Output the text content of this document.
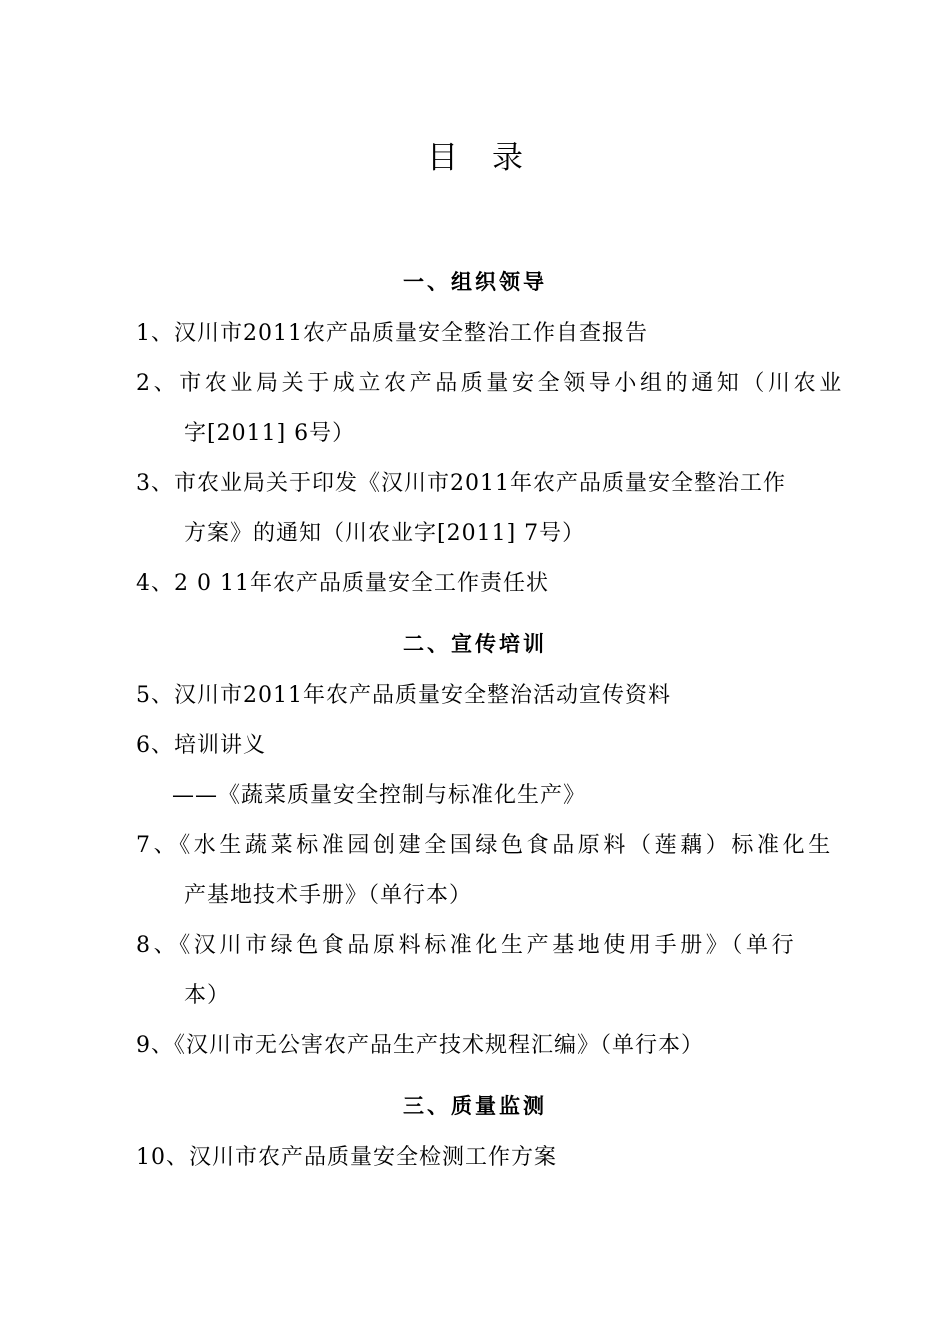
目录
一、组织领导
1、汉川市2011农产品质量安全整治工作自查报告
2、市农业局关于成立农产品质量安全领导小组的通知（川农业
字[2011] 6号）
3、市农业局关于印发《汉川市2011年农产品质量安全整治工作
方案》的通知（川农业字[2011] 7号）
4、2 0 11年农产品质量安全工作责任状
二、宣传培训
5、汉川市2011年农产品质量安全整治活动宣传资料
6、培训讲义
——《蔬菜质量安全控制与标准化生产》
7、《水生蔬菜标准园创建全国绿色食品原料（莲藕）标准化生
产基地技术手册》（单行本）
8、《汉川市绿色食品原料标准化生产基地使用手册》（单行
本）
9、《汉川市无公害农产品生产技术规程汇编》（单行本）
三、质量监测
10、汉川市农产品质量安全检测工作方案
